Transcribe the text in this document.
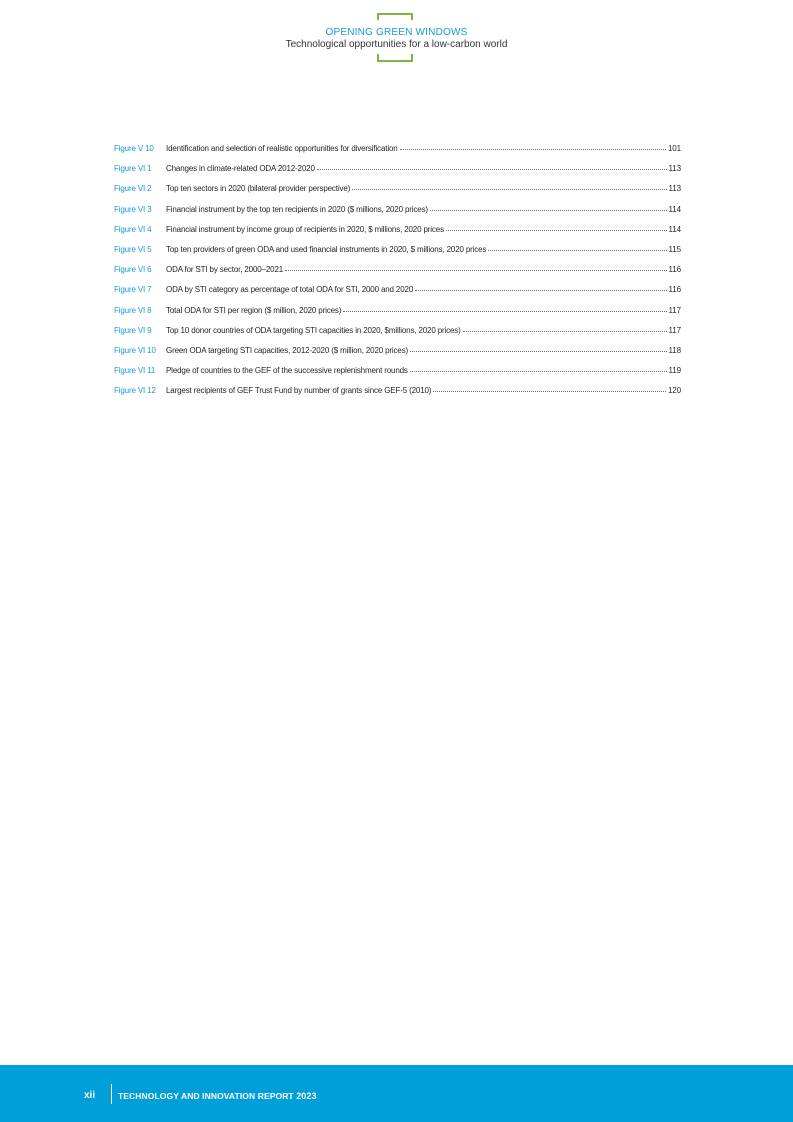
OPENING GREEN WINDOWS
Technological opportunities for a low-carbon world
Figure V 10	Identification and selection of realistic opportunities for diversification	101
Figure VI 1	Changes in climate-related ODA 2012-2020	113
Figure VI 2	Top ten sectors in 2020 (bilateral provider perspective)	113
Figure VI 3	Financial instrument by the top ten recipients in 2020 ($ millions, 2020 prices)	114
Figure VI 4	Financial instrument by income group of recipients in 2020, $ millions, 2020 prices	114
Figure VI 5	Top ten providers of green ODA and used financial instruments in 2020, $ millions, 2020 prices	115
Figure VI 6	ODA for STI by sector, 2000–2021	116
Figure VI 7	ODA by STI category as percentage of total ODA for STI, 2000 and 2020	116
Figure VI 8	Total ODA for STI per region ($ million, 2020 prices)	117
Figure VI 9	Top 10 donor countries of ODA targeting STI capacities in 2020, $millions, 2020 prices)	117
Figure VI 10	Green ODA targeting STI capacities, 2012-2020 ($ million, 2020 prices)	118
Figure VI 11	Pledge of countries to the GEF of the successive replenishment rounds	119
Figure VI 12	Largest recipients of GEF Trust Fund by number of grants since GEF-5 (2010)	120
xii	TECHNOLOGY AND INNOVATION REPORT 2023
